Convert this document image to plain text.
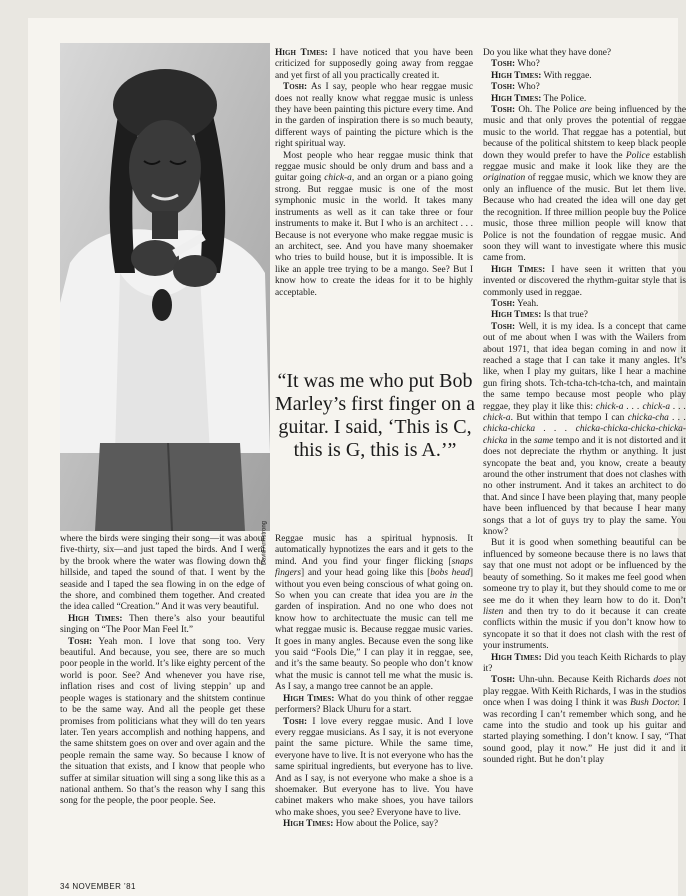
David Armstrong

High Times: I have noticed that you have been criticized for supposedly going away from reggae and yet first of all you practically created it.

Tosh: As I say, people who hear reggae music does not really know what reggae music is unless they have been painting this picture every time. And in the garden of inspiration there is so much beauty, different ways of painting the picture which is the right spiritual way.

Most people who hear reggae music think that reggae music should be only drum and bass and a guitar going chick-a, and an organ or a piano going strong. But reggae music is one of the most symphonic music in the world. It takes many instruments as well as it can take three or four instruments to make it. But I who is an architect . . . Because is not everyone who make reggae music is an architect, see. And you have many shoemaker who tries to build house, but it is impossible. It is like an apple tree trying to be a mango. See? But I know how to create the ideas for it to be highly acceptable.

“It was me who put Bob Marley’s first finger on a guitar. I said, ‘This is C, this is G, this is A.’”

where the birds were singing their song—it was about five-thirty, six—and just taped the birds. And I went by the brook where the water was flowing down the hillside, and taped the sound of that. I went by the seaside and I taped the sea flowing in on the edge of the shore, and combined them together. And created the idea called “Creation.” And it was very beautiful.

High Times: Then there’s also your beautiful singing on “The Poor Man Feel It.”

Tosh: Yeah mon. I love that song too. Very beautiful. And because, you see, there are so much poor people in the world. It’s like eighty percent of the world is poor. See? And whenever you have rise, inflation rises and cost of living steppin’ up and people wages is stationary and the shitstem continue to be the same way. And all the people get these promises from politicians what they will do ten years later. Ten years accomplish and nothing happens, and the same shitstem goes on over and over again and the people remain the same way. So because I know of the situation that exists, and I know that people who suffer at similar situation will sing a song like this as a national anthem. So that’s the reason why I sang this song for the people, the poor people. See.

Reggae music has a spiritual hypnosis. It automatically hypnotizes the ears and it gets to the mind. And you find your finger flicking [snaps fingers] and your head going like this [bobs head] without you even being conscious of what going on. So when you can create that idea you are in the garden of inspiration. And no one who does not know how to architectuate the music can tell me what reggae music is. Because reggae music varies. It goes in many angles. Because even the song like you said “Fools Die,” I can play it in reggae, see, and it’s the same beauty. So people who don’t know what the music is cannot tell me what the music is. As I say, a mango tree cannot be an apple.

High Times: What do you think of other reggae performers? Black Uhuru for a start.

Tosh: I love every reggae music. And I love every reggae musicians. As I say, it is not everyone paint the same picture. While the same time, everyone have to live. It is not everyone who has the same spiritual ingredients, but everyone has to live. And as I say, is not everyone who make a shoe is a shoemaker. But everyone has to live. You have cabinet makers who make shoes, you have tailors who make shoes, you see? Everyone have to live.

High Times: How about the Police, say?

Do you like what they have done?

Tosh: Who?

High Times: With reggae.

Tosh: Who?

High Times: The Police.

Tosh: Oh. The Police are being influenced by the music and that only proves the potential of reggae music to the world. That reggae has a potential, but because of the political shitstem to keep black people down they would prefer to have the Police establish reggae music and make it look like they are the origination of reggae music, which we know they are only an influence of the music. But let them live. Because who had created the idea will one day get the recognition. If three million people buy the Police music, those three million people will know that Police is not the foundation of reggae music. And soon they will want to investigate where this music came from.

High Times: I have seen it written that you invented or discovered the rhythm-guitar style that is commonly used in reggae.

Tosh: Yeah.

High Times: Is that true?

Tosh: Well, it is my idea. Is a concept that came out of me about when I was with the Wailers from about 1971, that idea began coming in and now it reached a stage that I can take it many angles. It’s like, when I play my guitars, like I hear a machine gun firing shots. Tch-tcha-tch-tcha-tch, and maintain the same tempo because most people who play reggae, they play it like this: chick-a . . . chick-a . . . chick-a. But within that tempo I can chicka-cha . . . chicka-chicka . . . chicka-chicka-chicka-chicka-chicka in the same tempo and it is not distorted and it does not depreciate the rhythm or anything. It just syncopate the beat and, you know, create a beauty around the other instrument that does not clashes with no other instrument. And it takes an architect to do that. And since I have been playing that, many people have been influenced by that because I hear many songs that a lot of guys try to play the same. You know?

But it is good when something beautiful can be influenced by someone because there is no laws that say that one must not adopt or be influenced by the beauty of something. So it makes me feel good when someone try to play it, but they should come to me or see me do it when they learn how to do it. Don’t listen and then try to do it because it can create conflicts within the music if you don’t know how to syncopate it so that it does not clash with the rest of your instruments.

High Times: Did you teach Keith Richards to play it?

Tosh: Uhn-uhn. Because Keith Richards does not play reggae. With Keith Richards, I was in the studios once when I was doing I think it was Bush Doctor. I was recording I can’t remember which song, and he came into the studio and took up his guitar and started playing something. I don’t know. I say, “That sound good, play it now.” He just did it and it sounded right. But he don’t play

34 NOVEMBER ’81
